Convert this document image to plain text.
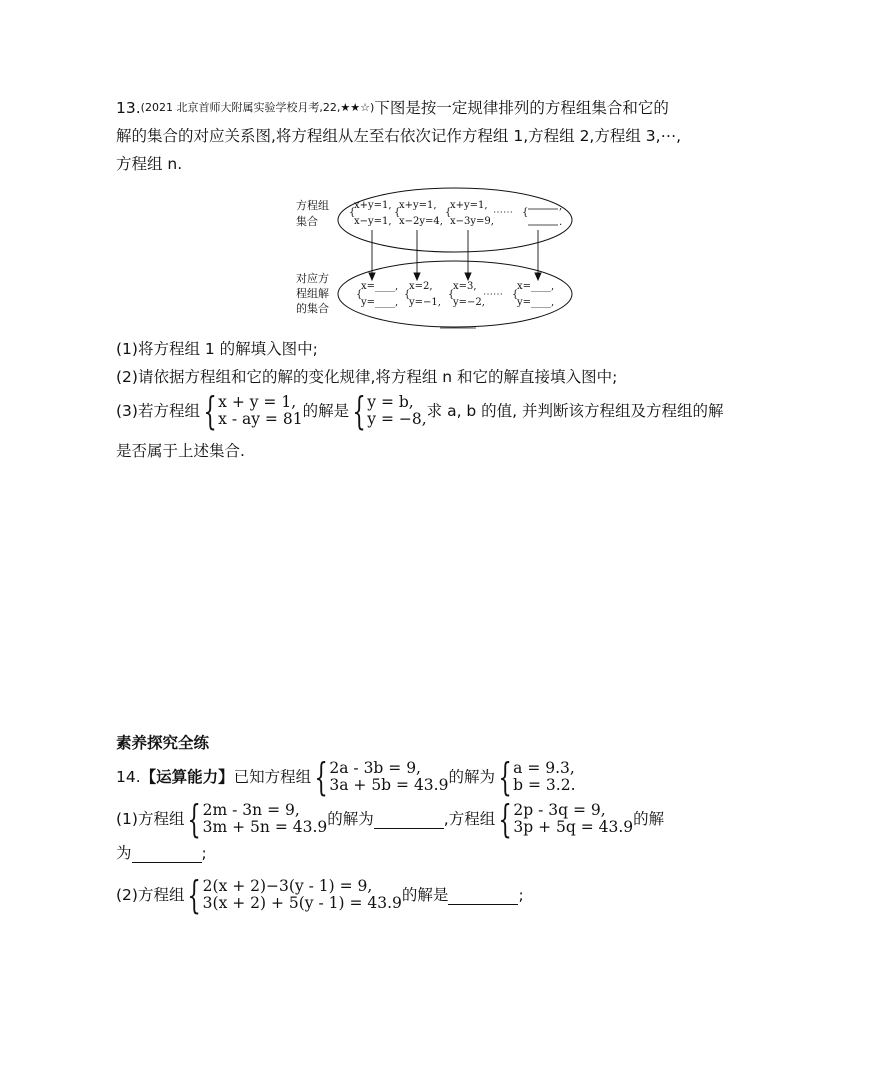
13. (2021 北京首师大附属实验学校月考,22,★★☆) 下图是按一定规律排列的方程组集合和它的
解的集合的对应关系图,将方程组从左至右依次记作方程组 1,方程组 2,方程组 3,⋯,
方程组 n.
方程组
集合
对应方
程组解
的集合
{
x+y=1,
x−y=1,
{
x+y=1,
x−2y=4,
{
x+y=1,
x−3y=9,
⋯⋯ {
,
.
{
x=____,
y=____,
{
x=2,
y=−1,
{
x=3,
y=−2,
⋯⋯ {
x=____,
y=____,
(1)将方程组 1 的解填入图中;
(2)请依据方程组和它的解的变化规律,将方程组 n 和它的解直接填入图中;
(3)若方程组 { x + y = 1,
x - ay = 81 的解是 { y = b,
y = −8, 求 a, b 的值, 并判断该方程组及方程组的解
是否属于上述集合.
素养探究全练
14. 【运算能力】 已知方程组 { 2a - 3b = 9,
3a + 5b = 43.9 的解为 { a = 9.3,
b = 3.2.
(1)方程组 { 2m - 3n = 9,
3m + 5n = 43.9 的解为	,方程组 { 2p - 3q = 9,
3p + 5q = 43.9 的解
为	;
(2)方程组 { 2(x + 2)−3(y - 1) = 9,
3(x + 2) + 5(y - 1) = 43.9 的解是	;
